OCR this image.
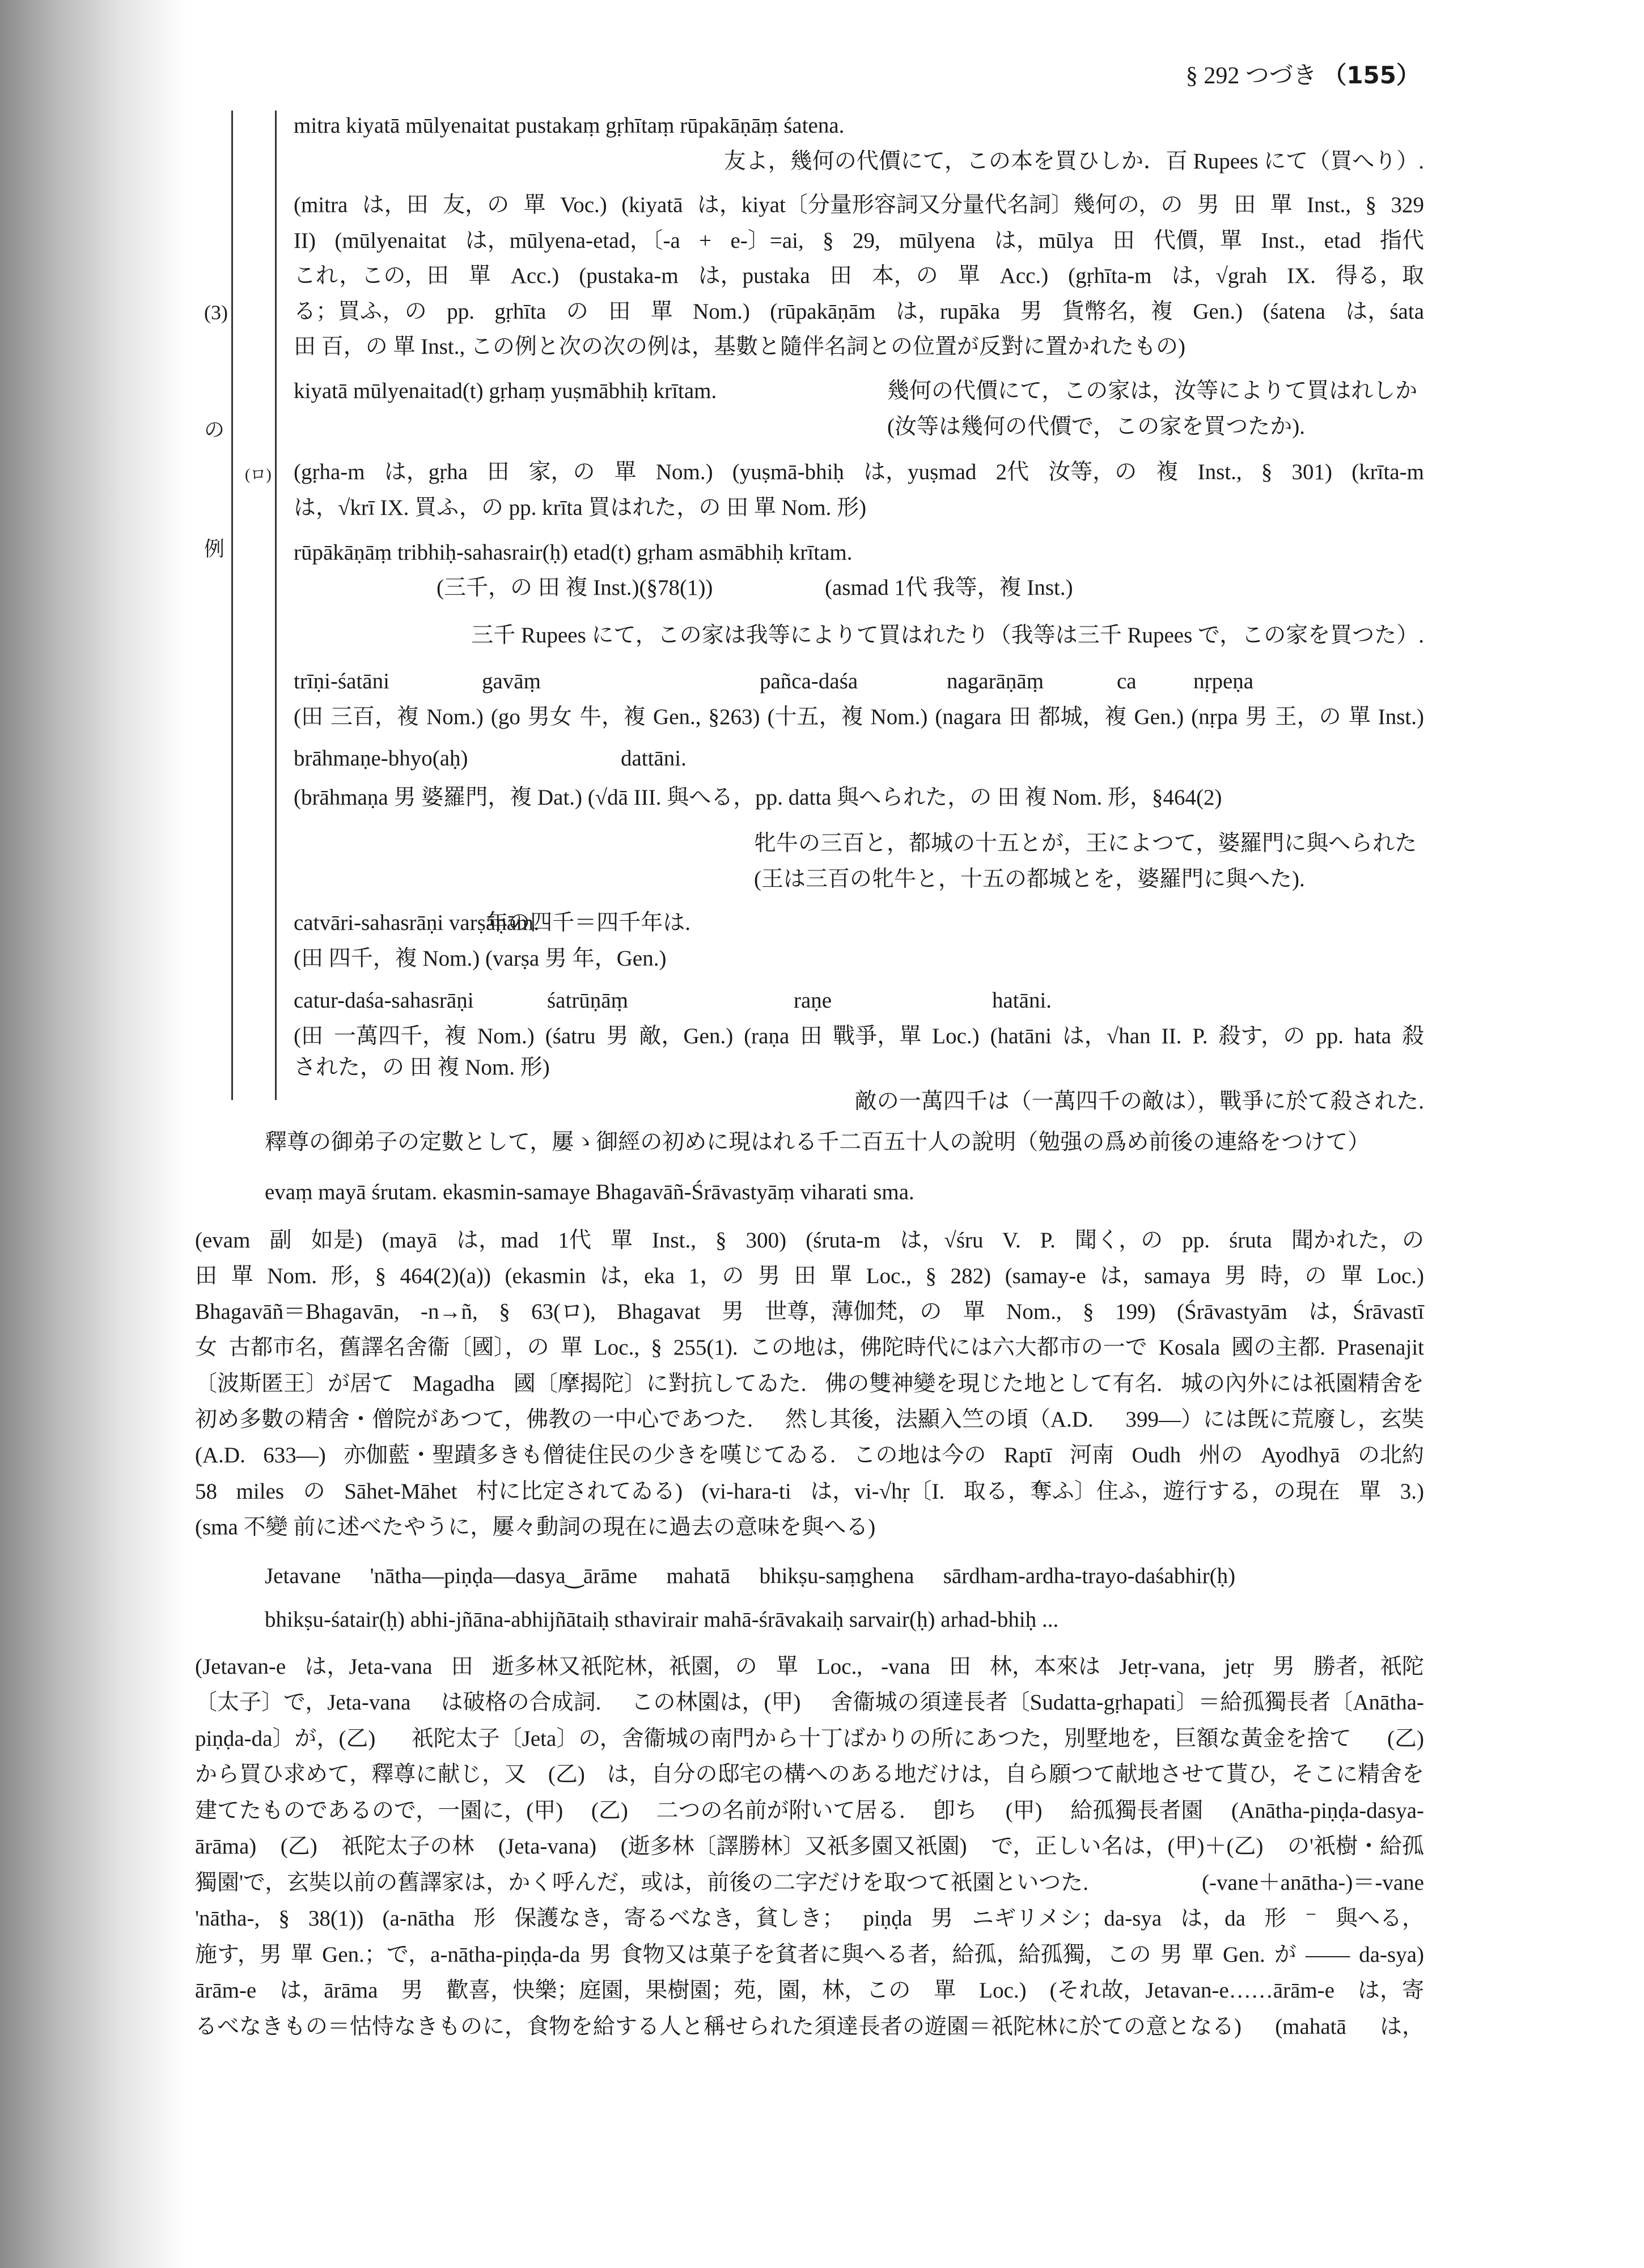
§ 292 つづき （155）
(3)
の
例
(ロ)
mitra kiyatā mūlyenaitat pustakaṃ gṛhītaṃ rūpakāṇāṃ śatena.
友よ，幾何の代價にて，この本を買ひしか．百 Rupees にて（買へり）.
(mitra は，田 友，の 單 Voc.) (kiyatā は，kiyat〔分量形容詞又分量代名詞〕幾何の，の 男 田 單 Inst., § 329
II) (mūlyenaitat は，mūlyena-etad，〔-a + e-〕=ai, § 29, mūlyena は，mūlya 田 代價，單 Inst., etad 指代
これ，この，田 單 Acc.) (pustaka-m は，pustaka 田 本，の 單 Acc.) (gṛhīta-m は，√grah IX. 得る，取
る；買ふ，の pp. gṛhīta の 田 單 Nom.) (rūpakāṇām は，rupāka 男 貨幣名，複 Gen.) (śatena は，śata
田 百，の 單 Inst., この例と次の次の例は，基數と隨伴名詞との位置が反對に置かれたもの)
kiyatā mūlyenaitad(t) gṛhaṃ yuṣmābhiḥ krītam.	幾何の代價にて，この家は，汝等によりて買はれしか
(汝等は幾何の代價で，この家を買つたか).
(gṛha-m は，gṛha 田 家，の 單 Nom.) (yuṣmā-bhiḥ は，yuṣmad 2代 汝等，の 複 Inst., § 301) (krīta-m
は，√krī IX. 買ふ，の pp. krīta 買はれた，の 田 單 Nom. 形)
rūpākāṇāṃ tribhiḥ-sahasrair(ḥ) etad(t) gṛham asmābhiḥ krītam.
(三千，の 田 複 Inst.)(§78(1))	(asmad 1代 我等，複 Inst.)
三千 Rupees にて，この家は我等によりて買はれたり（我等は三千 Rupees で，この家を買つた）.
trīṇi-śatāni	gavāṃ	pañca-daśa	nagarāṇāṃ	ca	nṛpeṇa
(田 三百，複 Nom.) (go 男女 牛，複 Gen., §263) (十五，複 Nom.) (nagara 田 都城，複 Gen.) (nṛpa 男 王，の 單 Inst.)
brāhmaṇe-bhyo(aḥ)	dattāni.
(brāhmaṇa 男 婆羅門，複 Dat.) (√dā III. 與へる，pp. datta 與へられた，の 田 複 Nom. 形，§464(2)
牝牛の三百と，都城の十五とが，王によつて，婆羅門に與へられた
(王は三百の牝牛と，十五の都城とを，婆羅門に與へた).
catvāri-sahasrāṇi varṣāṇām.
年の四千＝四千年は.
(田 四千，複 Nom.) (varṣa 男 年，Gen.)
catur-daśa-sahasrāṇi	śatrūṇāṃ	raṇe	hatāni.
(田 一萬四千，複 Nom.) (śatru 男 敵，Gen.) (raṇa 田 戰爭，單 Loc.) (hatāni は，√han II. P. 殺す，の pp. hata 殺
された，の 田 複 Nom. 形)
敵の一萬四千は（一萬四千の敵は），戰爭に於て殺された.
釋尊の御弟子の定數として，屢ゝ御經の初めに現はれる千二百五十人の說明（勉强の爲め前後の連絡をつけて）
evaṃ mayā śrutam. ekasmin-samaye Bhagavāñ-Śrāvastyāṃ viharati sma.
(evam 副 如是) (mayā は，mad 1代 單 Inst., § 300) (śruta-m は，√śru V. P. 聞く，の pp. śruta 聞かれた，の
田 單 Nom. 形，§ 464(2)(a)) (ekasmin は，eka 1，の 男 田 單 Loc., § 282) (samay-e は，samaya 男 時，の 單 Loc.)
Bhagavāñ＝Bhagavān, -n→ñ, § 63(ロ), Bhagavat 男 世尊，薄伽梵，の 單 Nom., § 199) (Śrāvastyām は，Śrāvastī
女 古都市名，舊譯名舍衞〔國〕，の 單 Loc., § 255(1). この地は，佛陀時代には六大都市の一で Kosala 國の主都. Prasenajit
〔波斯匿王〕が居て Magadha 國〔摩揭陀〕に對抗してゐた. 佛の雙神變を現じた地として有名. 城の內外には祇園精舍を
初め多數の精舍・僧院があつて，佛教の一中心であつた. 然し其後，法顯入竺の頃（A.D. 399—）には旣に荒廢し，玄奘
(A.D. 633—) 亦伽藍・聖蹟多きも僧徒住民の少きを嘆じてゐる. この地は今の Raptī 河南 Oudh 州の Ayodhyā の北約
58 miles の Sāhet-Māhet 村に比定されてゐる) (vi-hara-ti は，vi-√hṛ〔I. 取る，奪ふ〕住ふ，遊行する，の現在 單 3.)
(sma 不變 前に述べたやうに，屢々動詞の現在に過去の意味を與へる)
Jetavane 'nātha—piṇḍa—dasya‿ārāme mahatā bhikṣu-saṃghena sārdham-ardha-trayo-daśabhir(ḥ)
bhikṣu-śatair(ḥ) abhi-jñāna-abhijñātaiḥ sthavirair mahā-śrāvakaiḥ sarvair(ḥ) arhad-bhiḥ ...
(Jetavan-e は，Jeta-vana 田 逝多林又祇陀林，祇園，の 單 Loc., -vana 田 林，本來は Jetṛ-vana, jetṛ 男 勝者，祇陀
〔太子〕で，Jeta-vana は破格の合成詞. この林園は，(甲) 舍衞城の須達長者〔Sudatta-gṛhapati〕＝給孤獨長者〔Anātha-
piṇḍa-da〕が，(乙) 祇陀太子〔Jeta〕の，舍衞城の南門から十丁ばかりの所にあつた，別墅地を，巨額な黃金を捨て (乙)
から買ひ求めて，釋尊に献じ，又 (乙) は，自分の邸宅の構へのある地だけは，自ら願つて献地させて貰ひ，そこに精舍を
建てたものであるので，一園に，(甲) (乙) 二つの名前が附いて居る. 卽ち (甲) 給孤獨長者園 (Anātha-piṇḍa-dasya-
ārāma) (乙) 祇陀太子の林 (Jeta-vana) (逝多林〔譯勝林〕又祇多園又祇園) で，正しい名は，(甲)＋(乙) の'祇樹・給孤
獨園'で，玄奘以前の舊譯家は，かく呼んだ，或は，前後の二字だけを取つて祇園といつた. (-vane＋anātha-)＝-vane
'nātha-, § 38(1)) (a-nātha 形 保護なき，寄るべなき，貧しき； piṇḍa 男 ニギリメシ；da-sya は，da 形 ⁻ 與へる，
施す，男 單 Gen.；で，a-nātha-piṇḍa-da 男 食物又は菓子を貧者に與へる者，給孤，給孤獨，この 男 單 Gen. が —— da-sya)
ārām-e は，ārāma 男 歡喜，快樂；庭園，果樹園；苑，園，林，この 單 Loc.) (それ故，Jetavan-e……ārām-e は，寄
るべなきもの＝怙恃なきものに，食物を給する人と稱せられた須達長者の遊園＝祇陀林に於ての意となる) (mahatā は，
